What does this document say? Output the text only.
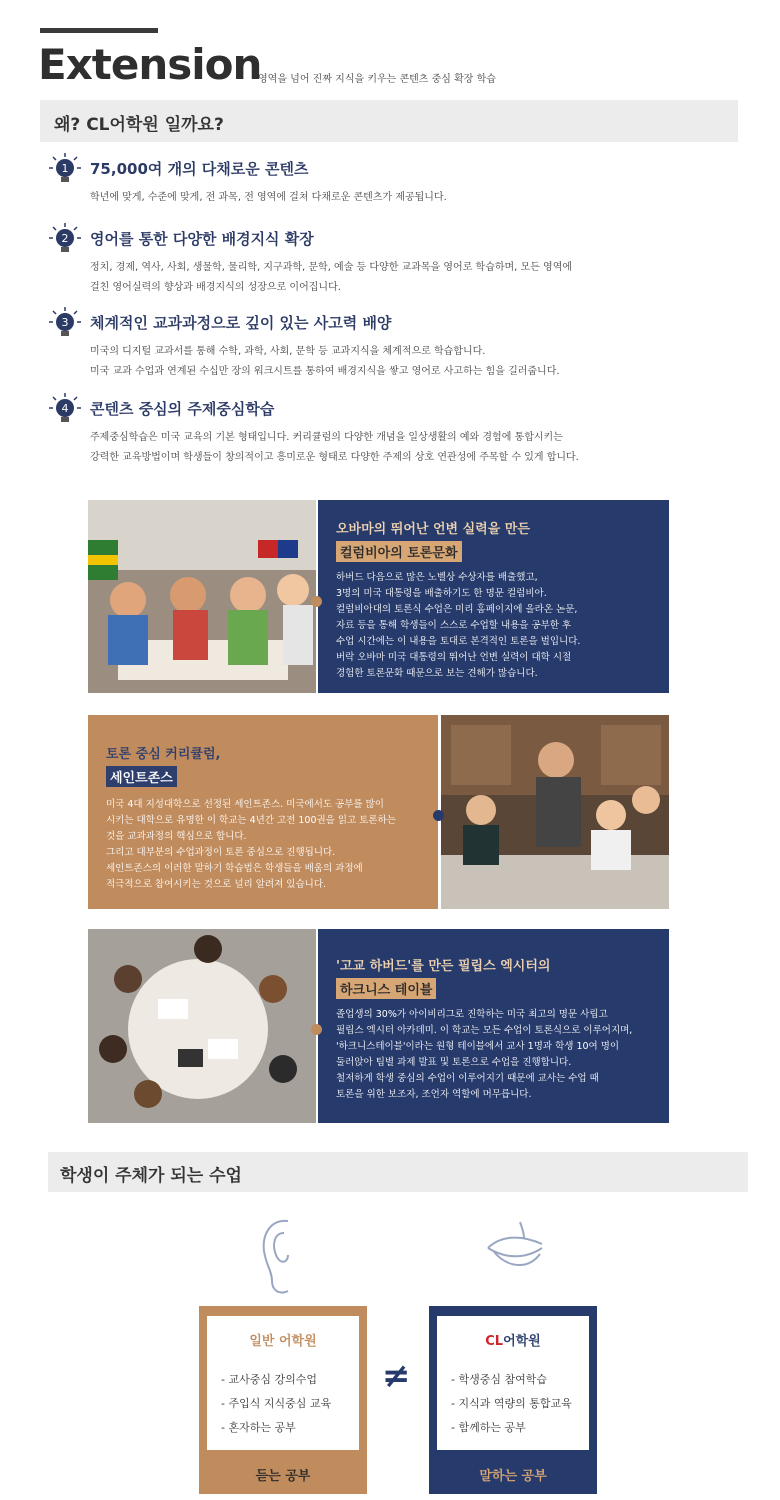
Extension
영역을 넘어 진짜 지식을 키우는 콘텐츠 중심 확장 학습
왜? CL어학원 일까요?
1 75,000여 개의 다채로운 콘텐츠
학년에 맞게, 수준에 맞게, 전 과목, 전 영역에 걸쳐 다채로운 콘텐츠가 제공됩니다.
2 영어를 통한 다양한 배경지식 확장
정치, 경제, 역사, 사회, 생물학, 물리학, 지구과학, 문학, 예술 등 다양한 교과목을 영어로 학습하며, 모든 영역에
걸친 영어실력의 향상과 배경지식의 성장으로 이어집니다.
3 체계적인 교과과정으로 깊이 있는 사고력 배양
미국의 디지털 교과서를 통해 수학, 과학, 사회, 문학 등 교과지식을 체계적으로 학습합니다.
미국 교과 수업과 연계된 수십만 장의 워크시트를 통하여 배경지식을 쌓고 영어로 사고하는 힘을 길러줍니다.
4 콘텐츠 중심의 주제중심학습
주제중심학습은 미국 교육의 기본 형태입니다. 커리큘럼의 다양한 개념을 일상생활의 예와 경험에 통합시키는
강력한 교육방법이며 학생들이 창의적이고 흥미로운 형태로 다양한 주제의 상호 연관성에 주목할 수 있게 합니다.
오바마의 뛰어난 언변 실력을 만든
컬럼비아의 토론문화
하버드 다음으로 많은 노벨상 수상자를 배출했고,
3명의 미국 대통령을 배출하기도 한 명문 컬럼비아.
컬럼비아대의 토론식 수업은 미리 홈페이지에 올라온 논문,
자료 등을 통해 학생들이 스스로 수업할 내용을 공부한 후
수업 시간에는 이 내용을 토대로 본격적인 토론을 벌입니다.
버락 오바마 미국 대통령의 뛰어난 언변 실력이 대학 시절
경험한 토론문화 때문으로 보는 견해가 많습니다.
토론 중심 커리큘럼,
세인트존스
미국 4대 지성대학으로 선정된 세인트존스. 미국에서도 공부를 많이
시키는 대학으로 유명한 이 학교는 4년간 고전 100권을 읽고 토론하는
것을 교과과정의 핵심으로 합니다.
그리고 대부분의 수업과정이 토론 중심으로 진행됩니다.
세인트존스의 이러한 말하기 학습법은 학생들을 배움의 과정에
적극적으로 참여시키는 것으로 널리 알려져 있습니다.
'고교 하버드'를 만든 필립스 엑시터의
하크니스 테이블
졸업생의 30%가 아이비리그로 진학하는 미국 최고의 명문 사립고
필립스 엑시터 아카데미. 이 학교는 모든 수업이 토론식으로 이루어지며,
'하크니스테이블'이라는 원형 테이블에서 교사 1명과 학생 10여 명이
둘러앉아 팀별 과제 발표 및 토론으로 수업을 진행합니다.
철저하게 학생 중심의 수업이 이루어지기 때문에 교사는 수업 때
토론을 위한 보조자, 조언자 역할에 머무릅니다.
학생이 주체가 되는 수업
일반 어학원
- 교사중심 강의수업
- 주입식 지식중심 교육
- 혼자하는 공부
듣는 공부
≠
CL어학원
- 학생중심 참여학습
- 지식과 역량의 통합교육
- 함께하는 공부
말하는 공부
